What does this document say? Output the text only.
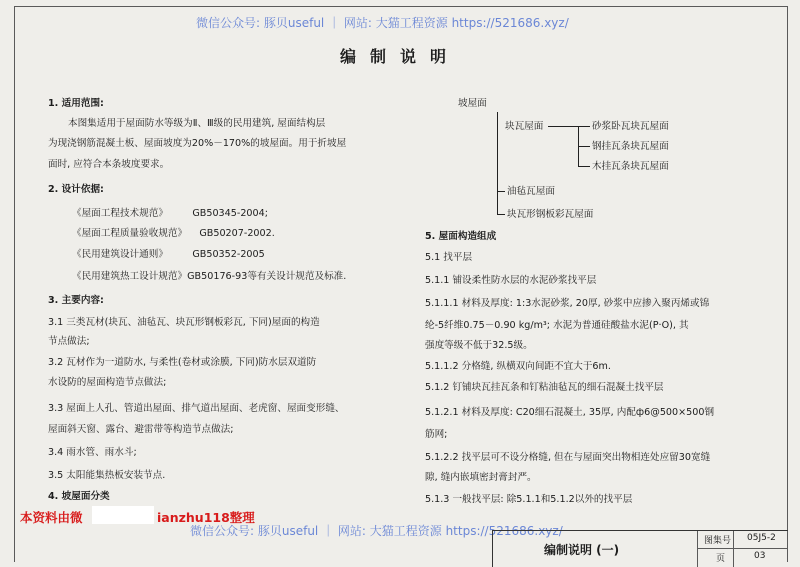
微信公众号: 豚贝useful ｜ 网站: 大猫工程资源 https://521686.xyz/
微信公众号: 豚贝useful ｜ 网站: 大猫工程资源 https://521686.xyz/
编制说明
1. 适用范围:
本图集适用于屋面防水等级为Ⅱ、Ⅲ级的民用建筑, 屋面结构层
为现浇钢筋混凝土板、屋面坡度为20%－170%的坡屋面。用于折坡屋
面时, 应符合本条坡度要求。
2. 设计依据:
《屋面工程技术规范》        GB50345-2004;
《屋面工程质量验收规范》    GB50207-2002.
《民用建筑设计通则》        GB50352-2005
《民用建筑热工设计规范》GB50176-93等有关设计规范及标准.
3. 主要内容:
3.1 三类瓦材(块瓦、油毡瓦、块瓦形钢板彩瓦, 下同)屋面的构造
节点做法;
3.2 瓦材作为一道防水, 与柔性(卷材或涂膜, 下同)防水层双道防
水设防的屋面构造节点做法;
3.3 屋面上人孔、管道出屋面、排气道出屋面、老虎窗、屋面变形缝、
屋面斜天窗、露台、避雷带等构造节点做法;
3.4 雨水管、雨水斗;
3.5 太阳能集热板安装节点.
4. 坡屋面分类
本资料由微	ianzhu118整理
坡屋面
块瓦屋面	砂浆卧瓦块瓦屋面
钢挂瓦条块瓦屋面
木挂瓦条块瓦屋面
油毡瓦屋面
块瓦形钢板彩瓦屋面
5. 屋面构造组成
5.1 找平层
5.1.1 铺设柔性防水层的水泥砂浆找平层
5.1.1.1 材料及厚度: 1:3水泥砂浆, 20厚, 砂浆中应掺入聚丙烯或锦
纶-5纤维0.75－0.90 kg/m³; 水泥为普通硅酸盐水泥(P·O), 其
强度等级不低于32.5级。
5.1.1.2 分格缝, 纵横双向间距不宜大于6m.
5.1.2 钉铺块瓦挂瓦条和钉粘油毡瓦的细石混凝土找平层
5.1.2.1 材料及厚度: C20细石混凝土, 35厚, 内配ф6@500×500钢
筋网;
5.1.2.2 找平层可不设分格缝, 但在与屋面突出物相连处应留30宽缝
隙, 缝内嵌填密封膏封严。
5.1.3 一般找平层: 除5.1.1和5.1.2以外的找平层
编制说明 (一)
图集号 05J5-2
页	03
